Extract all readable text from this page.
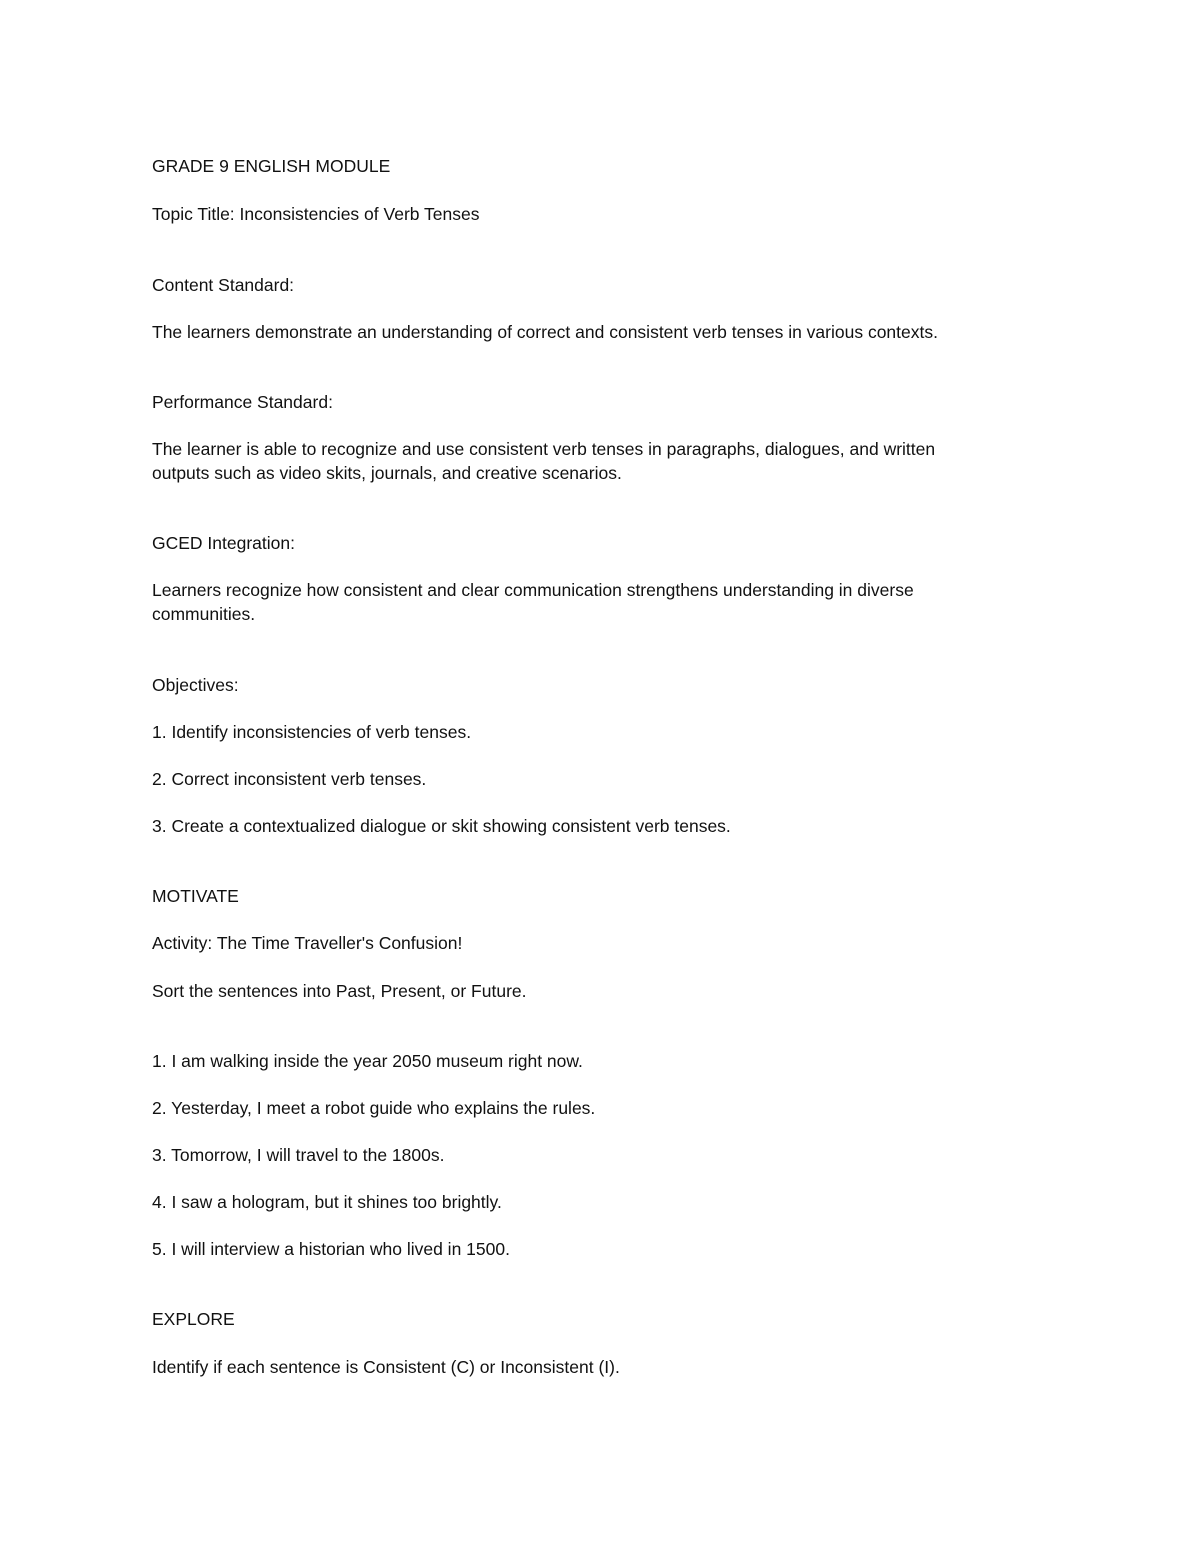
GRADE 9 ENGLISH MODULE
Topic Title: Inconsistencies of Verb Tenses
Content Standard:
The learners demonstrate an understanding of correct and consistent verb tenses in various contexts.
Performance Standard:
The learner is able to recognize and use consistent verb tenses in paragraphs, dialogues, and written
outputs such as video skits, journals, and creative scenarios.
GCED Integration:
Learners recognize how consistent and clear communication strengthens understanding in diverse
communities.
Objectives:
1. Identify inconsistencies of verb tenses.
2. Correct inconsistent verb tenses.
3. Create a contextualized dialogue or skit showing consistent verb tenses.
MOTIVATE
Activity: The Time Traveller's Confusion!
Sort the sentences into Past, Present, or Future.
1. I am walking inside the year 2050 museum right now.
2. Yesterday, I meet a robot guide who explains the rules.
3. Tomorrow, I will travel to the 1800s.
4. I saw a hologram, but it shines too brightly.
5. I will interview a historian who lived in 1500.
EXPLORE
Identify if each sentence is Consistent (C) or Inconsistent (I).
